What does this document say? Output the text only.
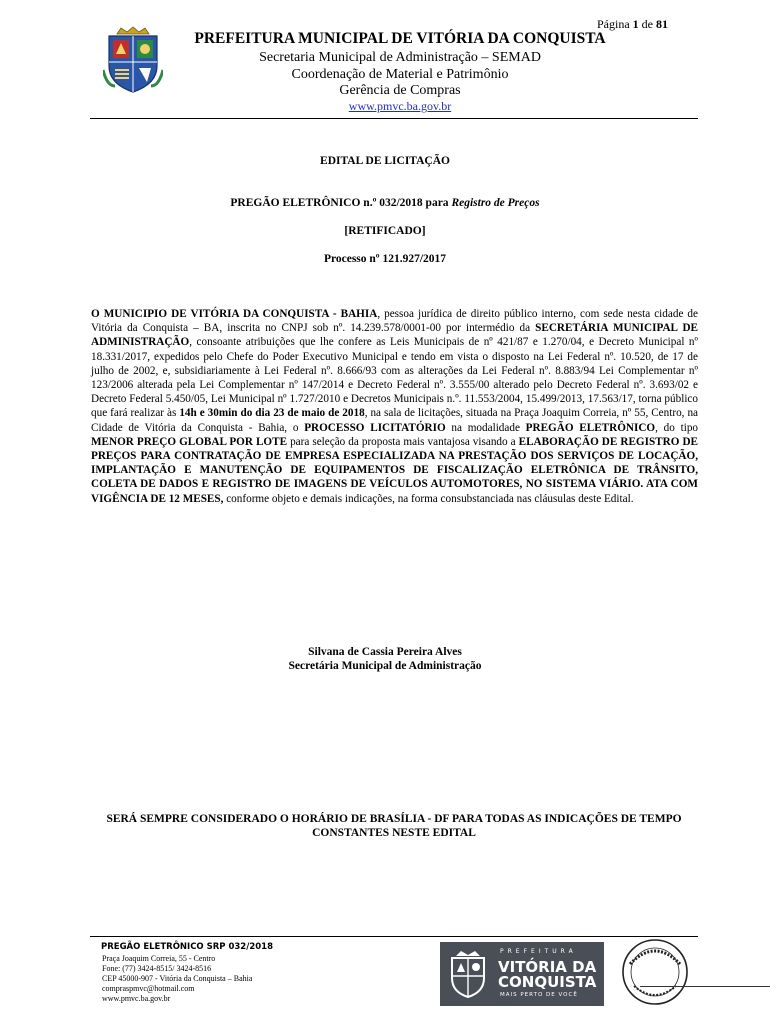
Página 1 de 81
PREFEITURA MUNICIPAL DE VITÓRIA DA CONQUISTA
Secretaria Municipal de Administração – SEMAD
Coordenação de Material e Patrimônio
Gerência de Compras
www.pmvc.ba.gov.br
EDITAL DE LICITAÇÃO
PREGÃO ELETRÔNICO n.º 032/2018 para Registro de Preços
[RETIFICADO]
Processo nº 121.927/2017

O MUNICIPIO DE VITÓRIA DA CONQUISTA - BAHIA, pessoa jurídica de direito público interno, com sede nesta cidade de Vitória da Conquista – BA, inscrita no CNPJ sob nº. 14.239.578/0001-00 por intermédio da SECRETÁRIA MUNICIPAL DE ADMINISTRAÇÃO, consoante atribuições que lhe confere as Leis Municipais de nº 421/87 e 1.270/04, e Decreto Municipal nº 18.331/2017, expedidos pelo Chefe do Poder Executivo Municipal e tendo em vista o disposto na Lei Federal nº. 10.520, de 17 de julho de 2002, e, subsidiariamente à Lei Federal nº. 8.666/93 com as alterações da Lei Federal nº. 8.883/94 Lei Complementar nº 123/2006 alterada pela Lei Complementar nº 147/2014 e Decreto Federal nº. 3.555/00 alterado pelo Decreto Federal nº. 3.693/02 e Decreto Federal 5.450/05, Lei Municipal nº 1.727/2010 e Decretos Municipais n.º. 11.553/2004, 15.499/2013, 17.563/17, torna público que fará realizar às 14h e 30min do dia 23 de maio de 2018, na sala de licitações, situada na Praça Joaquim Correia, nº 55, Centro, na Cidade de Vitória da Conquista - Bahia, o PROCESSO LICITATÓRIO na modalidade PREGÃO ELETRÔNICO, do tipo MENOR PREÇO GLOBAL POR LOTE para seleção da proposta mais vantajosa visando a ELABORAÇÃO DE REGISTRO DE PREÇOS PARA CONTRATAÇÃO DE EMPRESA ESPECIALIZADA NA PRESTAÇÃO DOS SERVIÇOS DE LOCAÇÃO, IMPLANTAÇÃO E MANUTENÇÃO DE EQUIPAMENTOS DE FISCALIZAÇÃO ELETRÔNICA DE TRÂNSITO, COLETA DE DADOS E REGISTRO DE IMAGENS DE VEÍCULOS AUTOMOTORES, NO SISTEMA VIÁRIO. ATA COM VIGÊNCIA DE 12 MESES, conforme objeto e demais indicações, na forma consubstanciada nas cláusulas deste Edital.

Silvana de Cassia Pereira Alves
Secretária Municipal de Administração
SERÁ SEMPRE CONSIDERADO O HORÁRIO DE BRASÍLIA - DF PARA TODAS AS INDICAÇÕES DE TEMPO CONSTANTES NESTE EDITAL
PREGÃO ELETRÔNICO SRP 032/2018
Praça Joaquim Correia, 55 - Centro
Fone: (77) 3424-8515/ 3424-8516
CEP 45000-907 - Vitória da Conquista – Bahia
compraspmvc@hotmail.com
www.pmvc.ba.gov.br
PREFEITURA
VITÓRIA DA
CONQUISTA
MAIS PERTO DE VOCÊ
